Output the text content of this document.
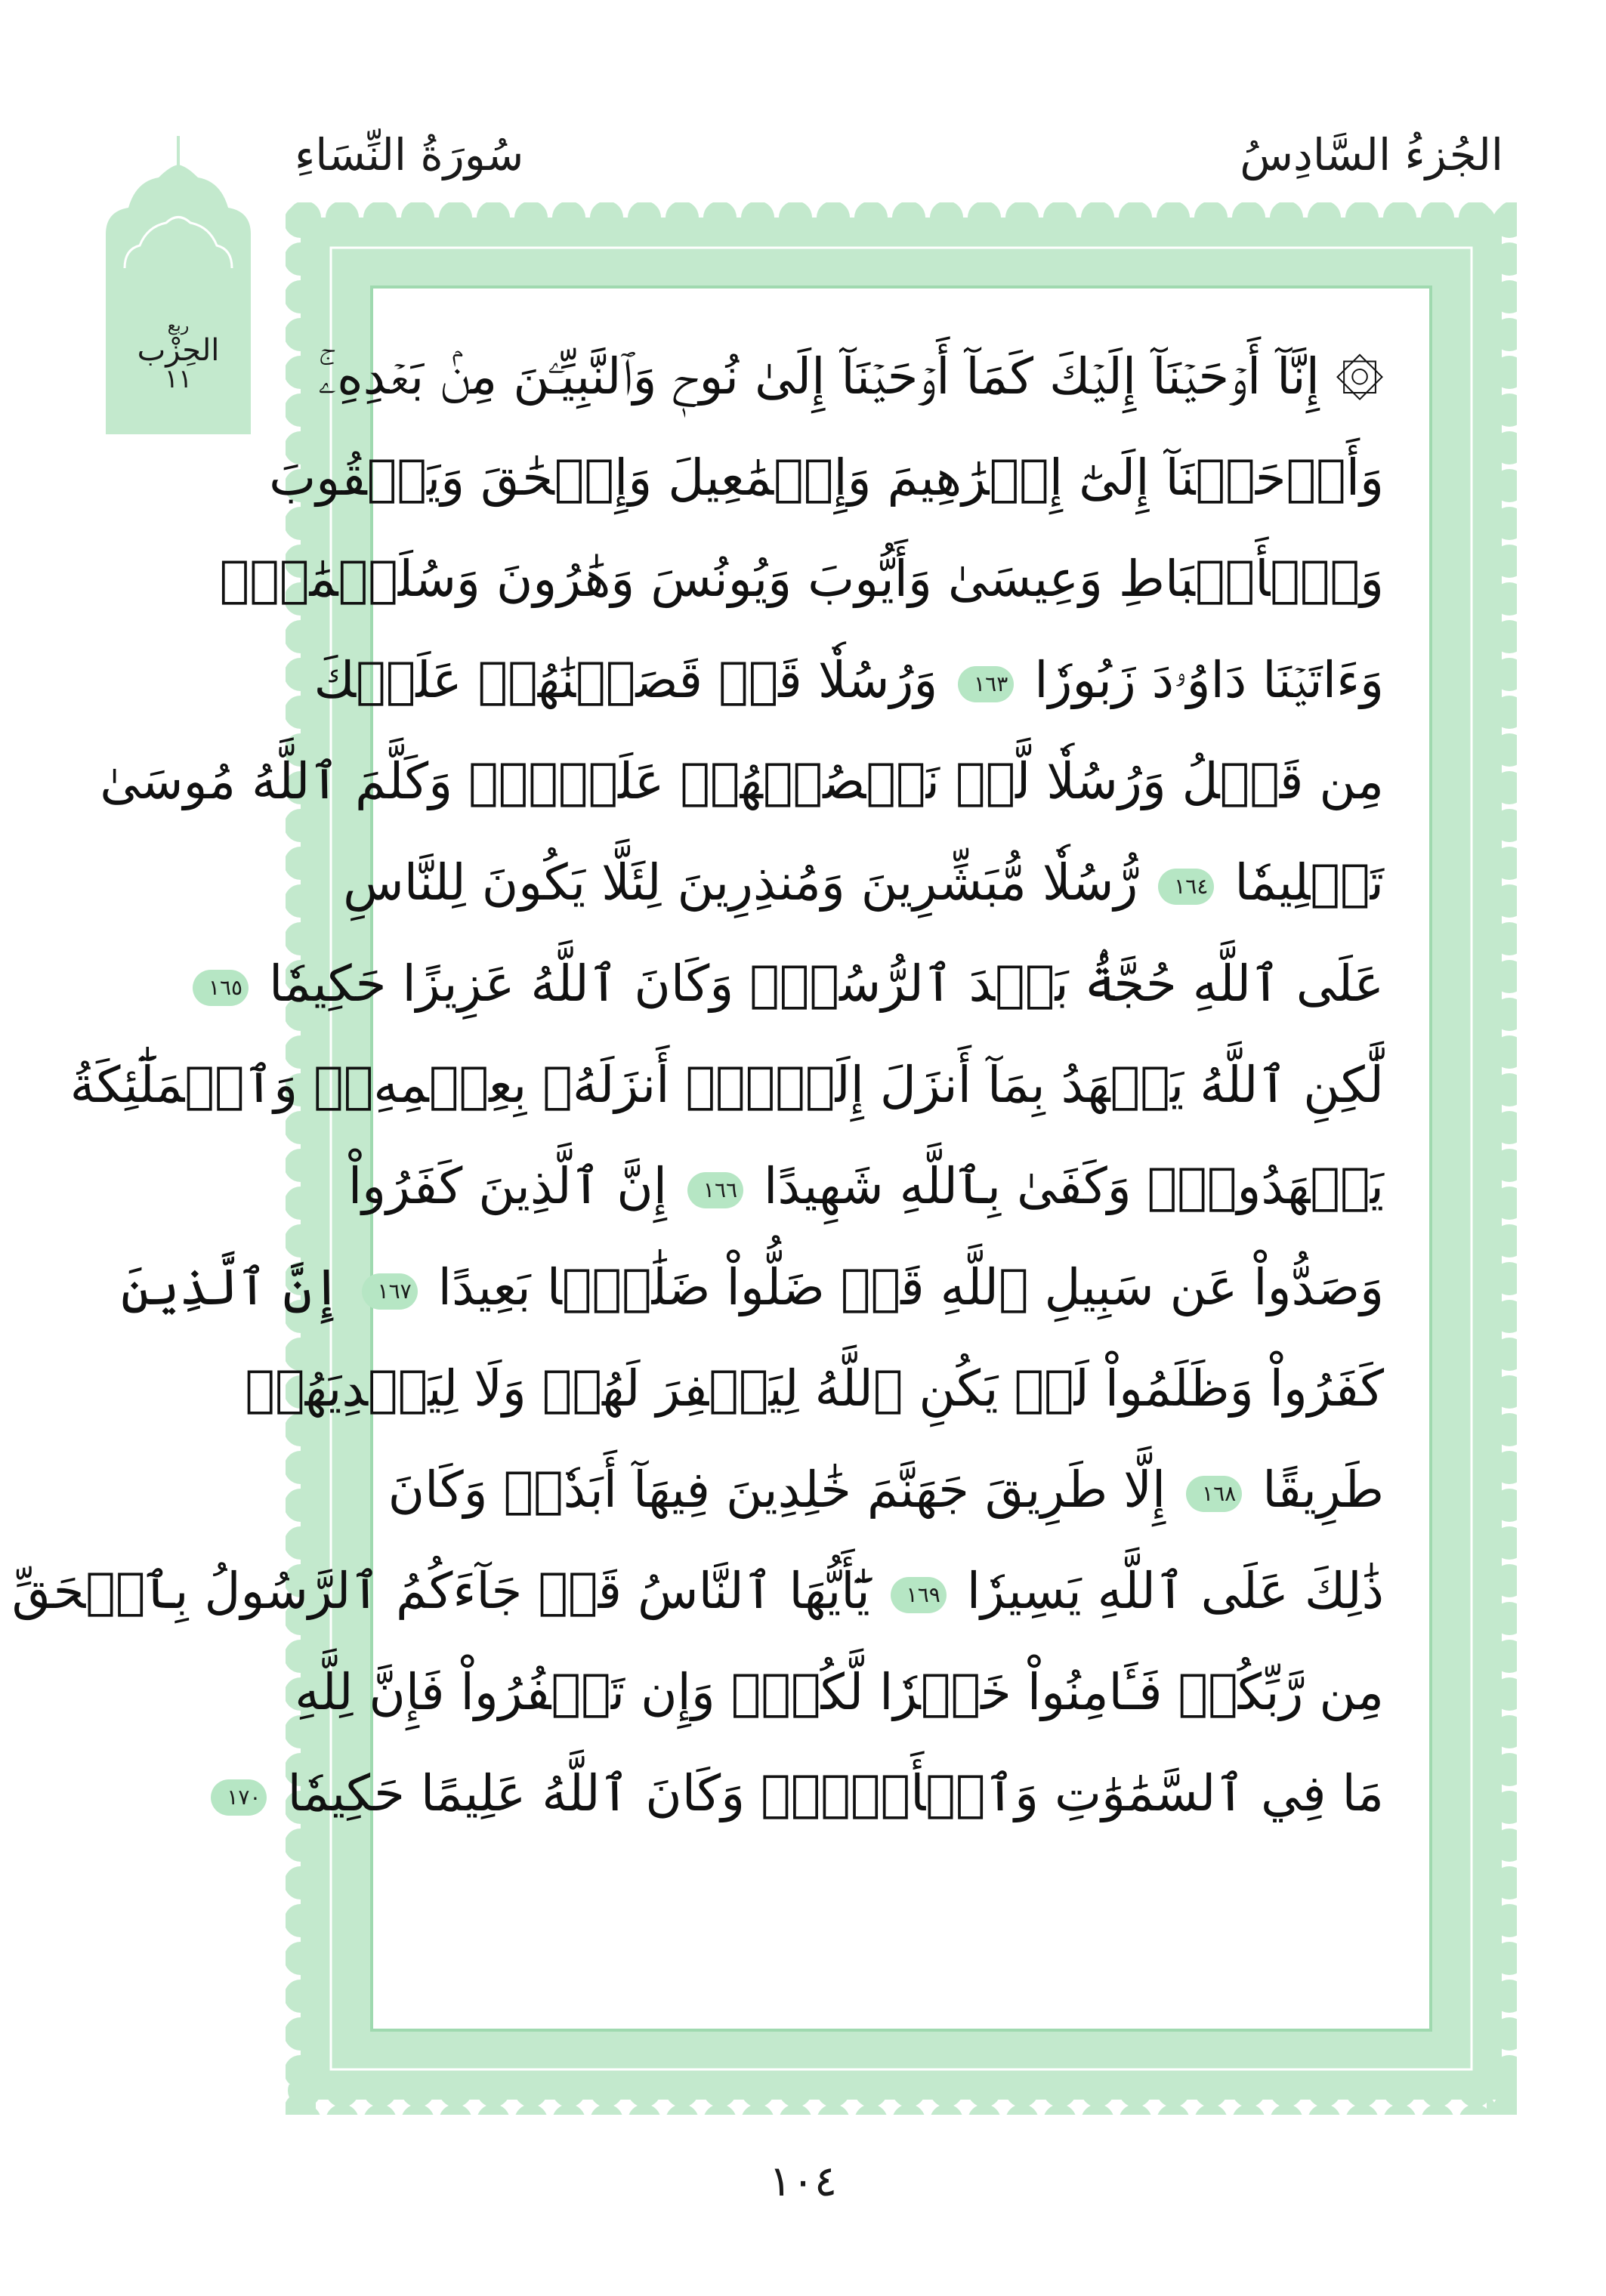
الجُزءُ السَّادِسُ
سُورَةُ النِّسَاءِ
ربع
الحِزْب
١١	۞ إِنَّآ أَوۡحَيۡنَآ إِلَيۡكَ كَمَآ أَوۡحَيۡنَآ إِلَىٰ نُوحٖ وَٱلنَّبِيِّـۧنَ مِنۢ بَعۡدِهِۦۚ
وَأَوۡحَيۡنَآ إِلَىٰٓ إِبۡرَٰهِيمَ وَإِسۡمَٰعِيلَ وَإِسۡحَٰقَ وَيَعۡقُوبَ
وَٱلۡأَسۡبَاطِ وَعِيسَىٰ وَأَيُّوبَ وَيُونُسَ وَهَٰرُونَ وَسُلَيۡمَٰنَۚ
وَءَاتَيۡنَا دَاوُۥدَ زَبُورٗا ١٦٣ وَرُسُلٗا قَدۡ قَصَصۡنَٰهُمۡ عَلَيۡكَ
مِن قَبۡلُ وَرُسُلٗا لَّمۡ نَقۡصُصۡهُمۡ عَلَيۡكَۚ وَكَلَّمَ ٱللَّهُ مُوسَىٰ
تَكۡلِيمٗا ١٦٤ رُّسُلٗا مُّبَشِّرِينَ وَمُنذِرِينَ لِئَلَّا يَكُونَ لِلنَّاسِ
عَلَى ٱللَّهِ حُجَّةُۢ بَعۡدَ ٱلرُّسُلِۚ وَكَانَ ٱللَّهُ عَزِيزًا حَكِيمٗا ١٦٥
لَّٰكِنِ ٱللَّهُ يَشۡهَدُ بِمَآ أَنزَلَ إِلَيۡكَۖ أَنزَلَهُۥ بِعِلۡمِهِۦۖ وَٱلۡمَلَٰٓئِكَةُ
يَشۡهَدُونَۚ وَكَفَىٰ بِٱللَّهِ شَهِيدًا ١٦٦ إِنَّ ٱلَّذِينَ كَفَرُواْ
وَصَدُّواْ عَن سَبِيلِ ٱللَّهِ قَدۡ ضَلُّواْ ضَلَٰلَۢا بَعِيدًا ١٦٧ إِنَّ ٱلَّذِينَ
كَفَرُواْ وَظَلَمُواْ لَمۡ يَكُنِ ٱللَّهُ لِيَغۡفِرَ لَهُمۡ وَلَا لِيَهۡدِيَهُمۡ
طَرِيقًا ١٦٨ إِلَّا طَرِيقَ جَهَنَّمَ خَٰلِدِينَ فِيهَآ أَبَدٗاۚ وَكَانَ
ذَٰلِكَ عَلَى ٱللَّهِ يَسِيرٗا ١٦٩ يَٰٓأَيُّهَا ٱلنَّاسُ قَدۡ جَآءَكُمُ ٱلرَّسُولُ بِٱلۡحَقِّ
مِن رَّبِّكُمۡ فَـَٔامِنُواْ خَيۡرٗا لَّكُمۡۚ وَإِن تَكۡفُرُواْ فَإِنَّ لِلَّهِ
مَا فِي ٱلسَّمَٰوَٰتِ وَٱلۡأَرۡضِۚ وَكَانَ ٱللَّهُ عَلِيمًا حَكِيمٗا ١٧٠
١٠٤
